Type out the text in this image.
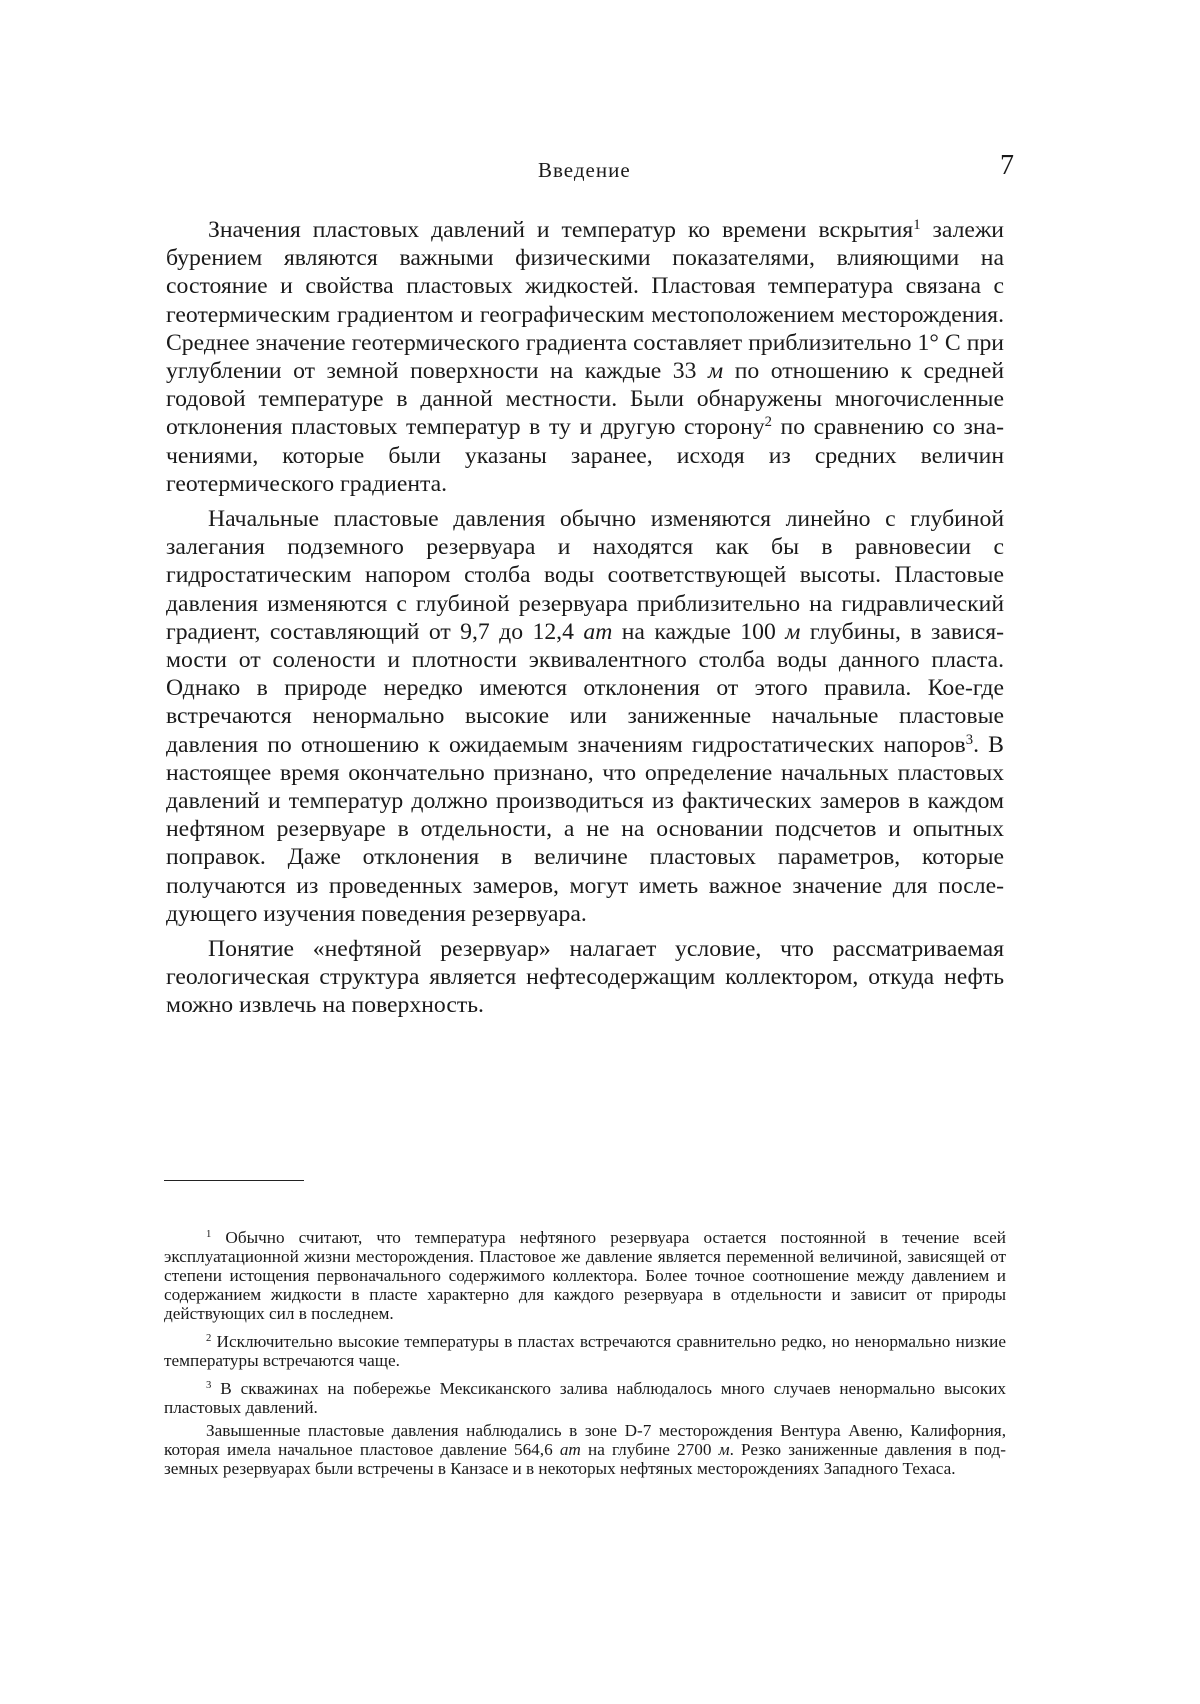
Введение	7

Значения пластовых давлений и температур ко времени вскрытия1 залежи бурением являются важными физическими по­казателями, влияющими на состояние и свойства пластовых жидкостей. Пластовая температура связана с геотермическим градиентом и географическим местоположением месторождения. Среднее значение геотермического градиента составляет прибли­зительно 1° С при углублении от земной поверхности на каждые 33 м по отношению к средней годовой температуре в данной местности. Были обнаружены многочисленные отклонения пла­стовых температур в ту и другую сторону2 по сравнению со зна­чениями, которые были указаны заранее, исходя из средних ве­личин геотермического градиента.

Начальные пластовые давления обычно изменяются линейно с глубиной залегания подземного резервуара и находятся как бы в равновесии с гидростатическим напором столба воды соответ­ствующей высоты. Пластовые давления изменяются с глубиной резервуара приблизительно на гидравлический градиент, состав­ляющий от 9,7 до 12,4 ат на каждые 100 м глубины, в завися­мости от солености и плотности эквивалентного столба воды дан­ного пласта. Однако в природе нередко имеются отклонения от этого правила. Кое-где встречаются ненормально высокие или заниженные начальные пластовые давления по отношению к ожи­даемым значениям гидростатических напоров3. В настоящее время окончательно признано, что определение начальных пла­стовых давлений и температур должно производиться из факти­ческих замеров в каждом нефтяном резервуаре в отдельности, а не на основании подсчетов и опытных поправок. Даже отклоне­ния в величине пластовых параметров, которые получаются из проведенных замеров, могут иметь важное значение для после­дующего изучения поведения резервуара.

Понятие «нефтяной резервуар» налагает условие, что рас­сматриваемая геологическая структура является нефтесодержа­щим коллектором, откуда нефть можно извлечь на поверхность.

1 Обычно считают, что температура нефтяного резервуара остается постоянной в течение всей эксплуатационной жизни месторождения. Пласто­вое же давление является переменной величиной, зависящей от степени истощения первоначального содержимого коллектора. Более точное соотно­шение между давлением и содержанием жидкости в пласте характерно для каждого резервуара в отдельности и зависит от природы действующих сил в последнем.

2 Исключительно высокие температуры в пластах встречаются сравни­тельно редко, но ненормально низкие температуры встречаются чаще.

3 В скважинах на побережье Мексиканского залива наблюдалось много случаев ненормально высоких пластовых давлений.

Завышенные пластовые давления наблюдались в зоне D-7 месторожде­ния Вентура Авеню, Калифорния, которая имела начальное пластовое давление 564,6 ат на глубине 2700 м. Резко заниженные давления в под­земных резервуарах были встречены в Канзасе и в некоторых нефтяных месторождениях Западного Техаса.
